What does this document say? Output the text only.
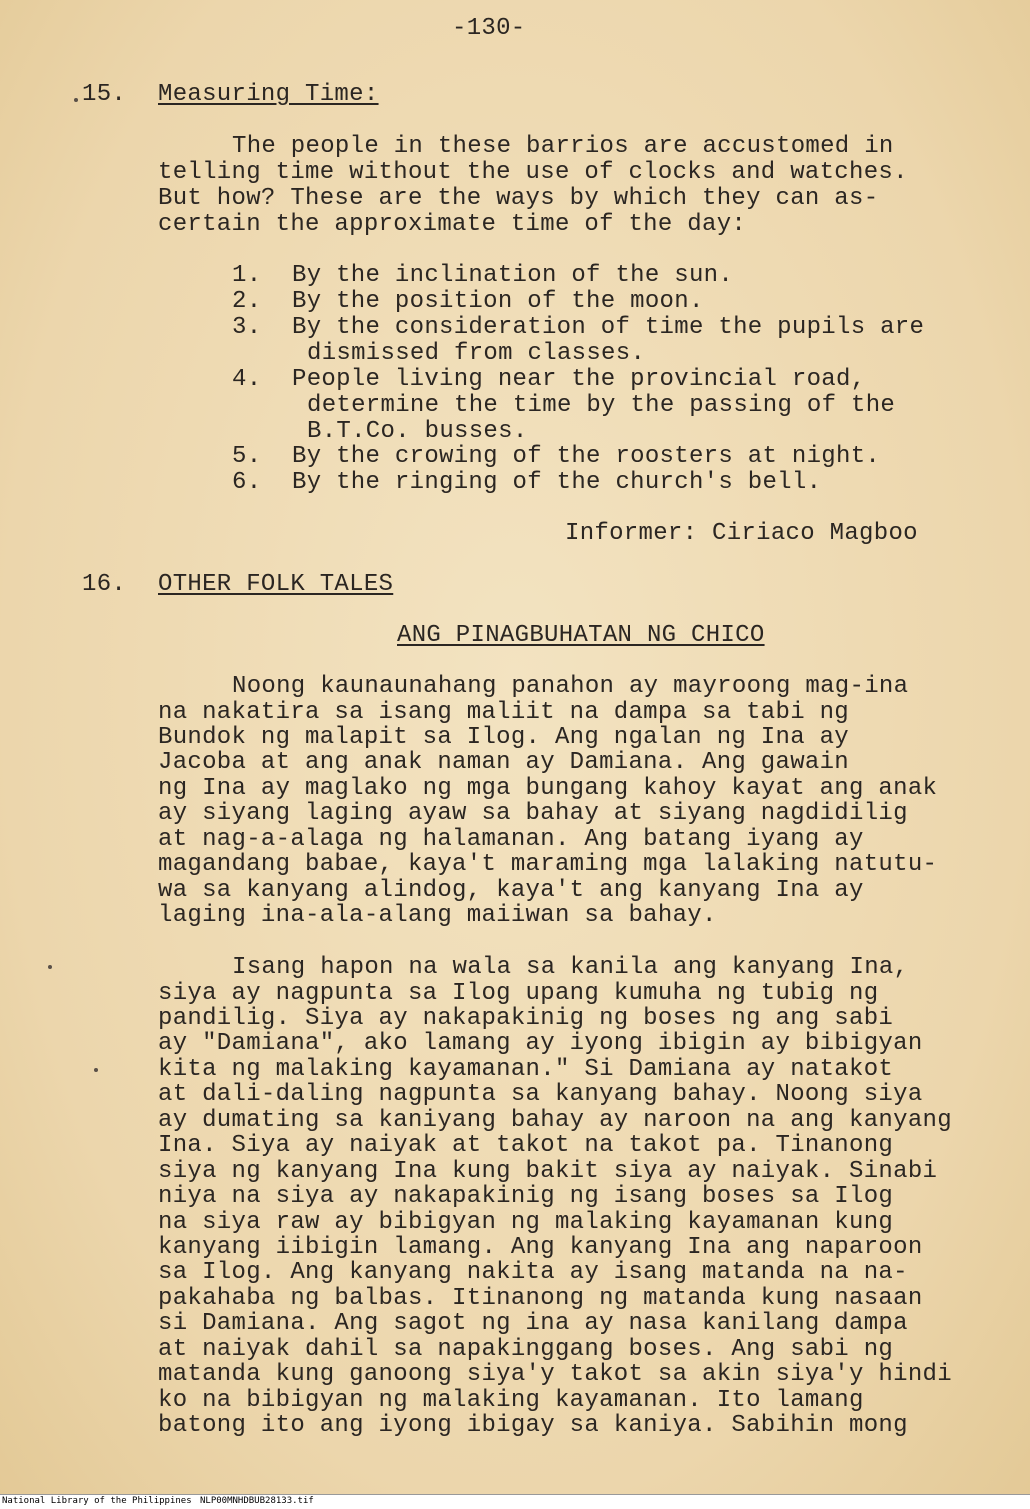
-130-
15. Measuring Time:
The people in these barrios are accustomed in
telling time without the use of clocks and watches.
But how? These are the ways by which they can as-
certain the approximate time of the day:
1. By the inclination of the sun.
2. By the position of the moon.
3. By the consideration of time the pupils are
dismissed from classes.
4. People living near the provincial road,
determine the time by the passing of the
B.T.Co. busses.
5. By the crowing of the roosters at night.
6. By the ringing of the church's bell.
Informer: Ciriaco Magboo
16. OTHER FOLK TALES
ANG PINAGBUHATAN NG CHICO
Noong kaunaunahang panahon ay mayroong mag-ina
na nakatira sa isang maliit na dampa sa tabi ng
Bundok ng malapit sa Ilog. Ang ngalan ng Ina ay
Jacoba at ang anak naman ay Damiana. Ang gawain
ng Ina ay maglako ng mga bungang kahoy kayat ang anak
ay siyang laging ayaw sa bahay at siyang nagdidilig
at nag-a-alaga ng halamanan. Ang batang iyang ay
magandang babae, kaya't maraming mga lalaking natutu-
wa sa kanyang alindog, kaya't ang kanyang Ina ay
laging ina-ala-alang maiiwan sa bahay.
Isang hapon na wala sa kanila ang kanyang Ina,
siya ay nagpunta sa Ilog upang kumuha ng tubig ng
pandilig. Siya ay nakapakinig ng boses ng ang sabi
ay "Damiana", ako lamang ay iyong ibigin ay bibigyan
kita ng malaking kayamanan." Si Damiana ay natakot
at dali-daling nagpunta sa kanyang bahay. Noong siya
ay dumating sa kaniyang bahay ay naroon na ang kanyang
Ina. Siya ay naiyak at takot na takot pa. Tinanong
siya ng kanyang Ina kung bakit siya ay naiyak. Sinabi
niya na siya ay nakapakinig ng isang boses sa Ilog
na siya raw ay bibigyan ng malaking kayamanan kung
kanyang iibigin lamang. Ang kanyang Ina ang naparoon
sa Ilog. Ang kanyang nakita ay isang matanda na na-
pakahaba ng balbas. Itinanong ng matanda kung nasaan
si Damiana. Ang sagot ng ina ay nasa kanilang dampa
at naiyak dahil sa napakinggang boses. Ang sabi ng
matanda kung ganoong siya'y takot sa akin siya'y hindi
ko na bibigyan ng malaking kayamanan. Ito lamang
batong ito ang iyong ibigay sa kaniya. Sabihin mong
National Library of the Philippines NLP00MNHDBUB28133.tif
